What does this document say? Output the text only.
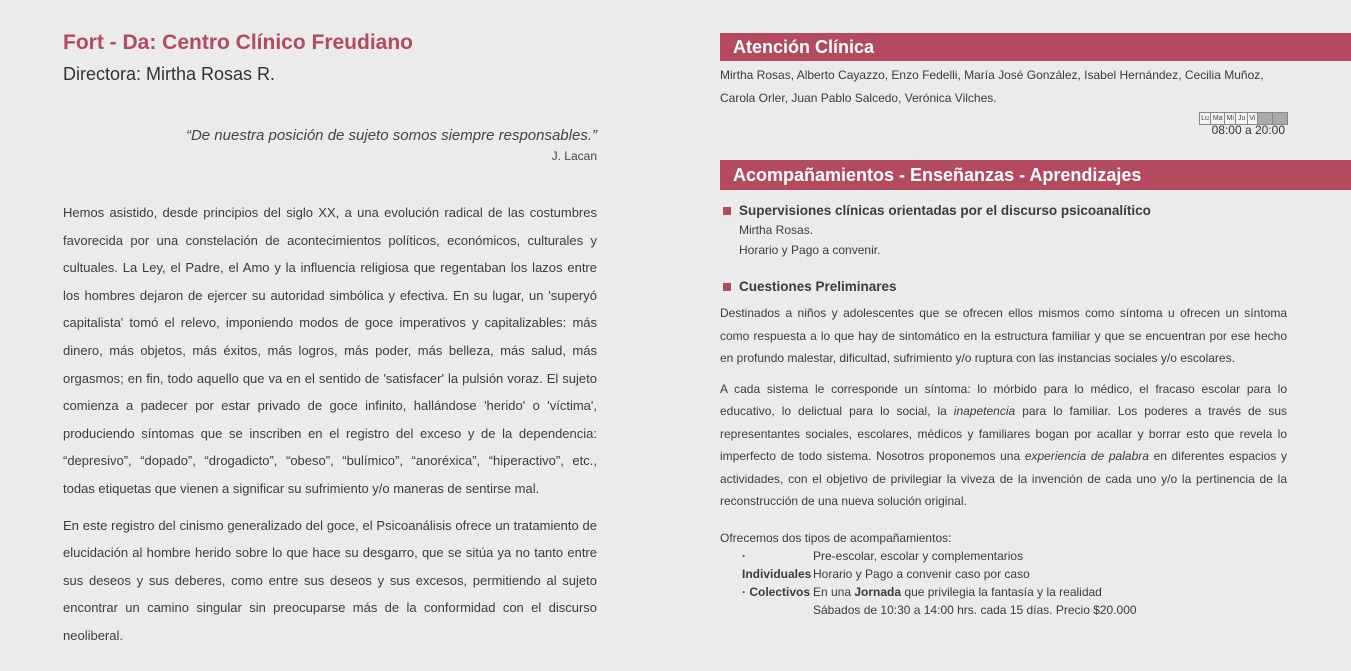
Fort - Da: Centro Clínico Freudiano
Directora: Mirtha Rosas R.
“De nuestra posición de sujeto somos siempre responsables.”
J. Lacan

Hemos asistido, desde principios del siglo XX, a una evolución radical de las costumbres favorecida por una constelación de acontecimientos políticos, económicos, culturales y cultuales. La Ley, el Padre, el Amo y la influencia religiosa que regentaban los lazos entre los hombres dejaron de ejercer su autoridad simbólica y efectiva. En su lugar, un 'superyó capitalista' tomó el relevo, imponiendo modos de goce imperativos y capitalizables: más dinero, más objetos, más éxitos, más logros, más poder, más belleza, más salud, más orgasmos; en fin, todo aquello que va en el sentido de 'satisfacer' la pulsión voraz. El sujeto comienza a padecer por estar privado de goce infinito, hallándose 'herido' o 'víctima', produciendo síntomas que se inscriben en el registro del exceso y de la dependencia: “depresivo”, “dopado”, “drogadicto”, “obeso”, “bulímico”, “anoréxica”, “hiperactivo”, etc., todas etiquetas que vienen a significar su sufrimiento y/o maneras de sentirse mal.

En este registro del cinismo generalizado del goce, el Psicoanálisis ofrece un tratamiento de elucidación al hombre herido sobre lo que hace su desgarro, que se sitúa ya no tanto entre sus deseos y sus deberes, como entre sus deseos y sus excesos, permitiendo al sujeto encontrar un camino singular sin preocuparse más de la conformidad con el discurso neoliberal.

Atención Clínica
Mirtha Rosas, Alberto Cayazzo, Enzo Fedelli, María José González, Isabel Hernández, Cecilia Muñoz, Carola Orler, Juan Pablo Salcedo, Verónica Vilches.
Lu Ma Mi Ju Vi
08:00 a 20:00
Acompañamientos - Enseñanzas - Aprendizajes
Supervisiones clínicas orientadas por el discurso psicoanalítico
Mirtha Rosas.
Horario y Pago a convenir.
Cuestiones Preliminares

Destinados a niños y adolescentes que se ofrecen ellos mismos como síntoma u ofrecen un síntoma como respuesta a lo que hay de sintomático en la estructura familiar y que se encuentran por ese hecho en profundo malestar, dificultad, sufrimiento y/o ruptura con las instancias sociales y/o escolares.

A cada sistema le corresponde un síntoma: lo mórbido para lo médico, el fracaso escolar para lo educativo, lo delictual para lo social, la inapetencia para lo familiar. Los poderes a través de sus representantes sociales, escolares, médicos y familiares bogan por acallar y borrar esto que revela lo imperfecto de todo sistema. Nosotros proponemos una experiencia de palabra en diferentes espacios y actividades, con el objetivo de privilegiar la viveza de la invención de cada uno y/o la pertinencia de la reconstrucción de una nueva solución original.

Ofrecemos dos tipos de acompañamientos:
· Individuales
Pre-escolar, escolar y complementarios
Horario y Pago a convenir caso por caso
· Colectivos En una Jornada que privilegia la fantasía y la realidad
Sábados de 10:30 a 14:00 hrs. cada 15 días. Precio $20.000
